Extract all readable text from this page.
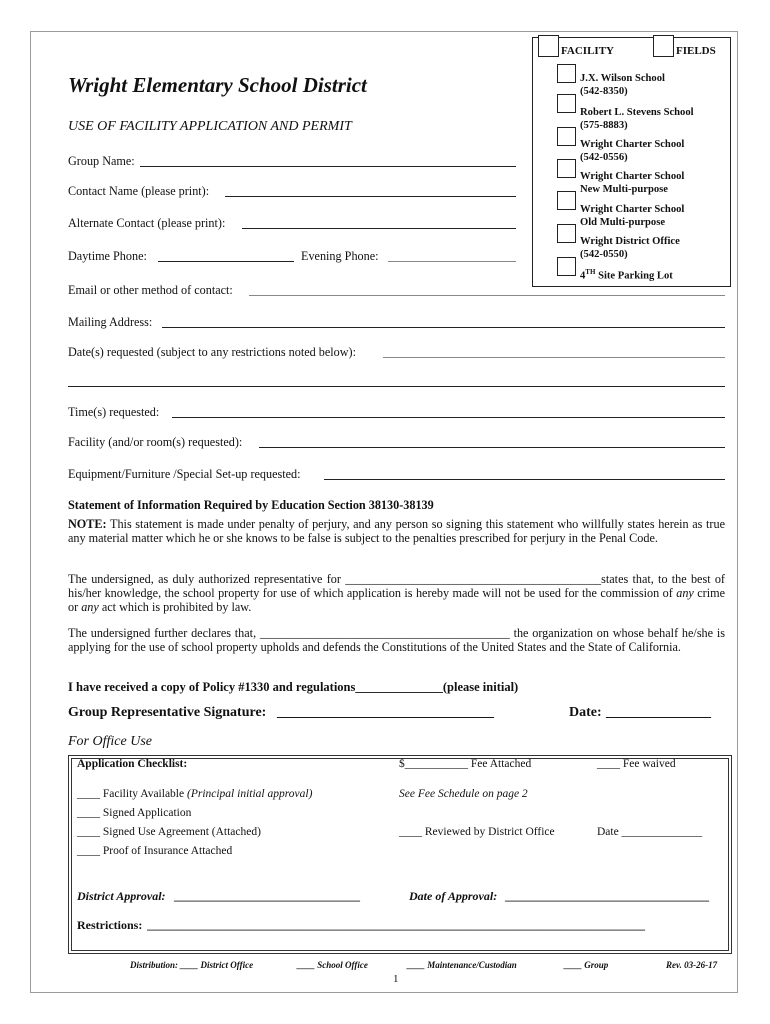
Wright Elementary School District
USE OF FACILITY APPLICATION AND PERMIT
FACILITY	FIELDS
J.X. Wilson School
(542-8350)
Robert L. Stevens School
(575-8883)
Wright Charter School
(542-0556)
Wright Charter School
New Multi-purpose
Wright Charter School
Old Multi-purpose
Wright District Office
(542-0550)
4TH Site Parking Lot
Group Name:
Contact Name (please print):
Alternate Contact (please print):
Daytime Phone:	Evening Phone:
Email or other method of contact:
Mailing Address:
Date(s) requested (subject to any restrictions noted below):
Time(s) requested:
Facility (and/or room(s) requested):
Equipment/Furniture /Special Set-up requested:
Statement of Information Required by Education Section 38130-38139
NOTE: This statement is made under penalty of perjury, and any person so signing this statement who willfully states herein as true any material matter which he or she knows to be false is subject to the penalties prescribed for perjury in the Penal Code.
The undersigned, as duly authorized representative for __________________________________________states that, to the best of his/her knowledge, the school property for use of which application is hereby made will not be used for the commission of any crime or any act which is prohibited by law.
The undersigned further declares that, _________________________________________ the organization on whose behalf he/she is applying for the use of school property upholds and defends the Constitutions of the United States and the State of California.
I have received a copy of Policy #1330 and regulations______________(please initial)
Group Representative Signature: _______________________________	Date: _______________
For Office Use
Application Checklist:	$___________ Fee Attached	____ Fee waived
____ Facility Available (Principal initial approval)	See Fee Schedule on page 2
____ Signed Application
____ Signed Use Agreement (Attached)	____ Reviewed by District Office	Date ______________
____ Proof of Insurance Attached
District Approval: _______________________________	Date of Approval: __________________________________
Restrictions: ___________________________________________________________________________________
Distribution: ____ District Office	____ School Office	____ Maintenance/Custodian	____ Group	Rev. 03-26-17
1
